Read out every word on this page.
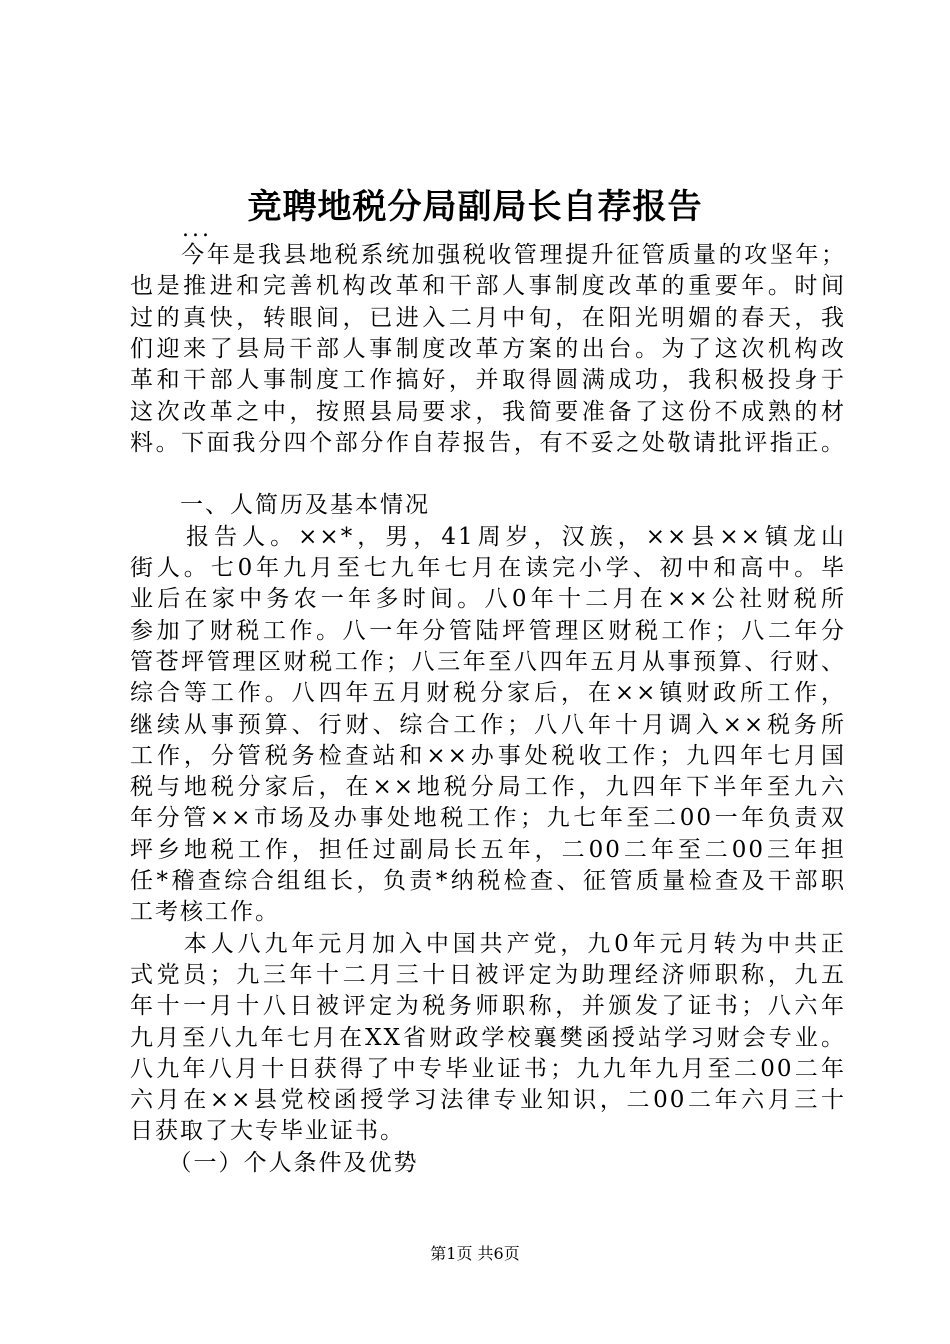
竞聘地税分局副局长自荐报告
...
　　今年是我县地税系统加强税收管理提升征管质量的攻坚年；
也是推进和完善机构改革和干部人事制度改革的重要年。时间
过的真快，转眼间，已进入二月中旬，在阳光明媚的春天，我
们迎来了县局干部人事制度改革方案的出台。为了这次机构改
革和干部人事制度工作搞好，并取得圆满成功，我积极投身于
这次改革之中，按照县局要求，我简要准备了这份不成熟的材
料。下面我分四个部分作自荐报告，有不妥之处敬请批评指正。
　　一、人简历及基本情况
　　报告人。××*，男，41周岁，汉族，××县××镇龙山
街人。七0年九月至七九年七月在读完小学、初中和高中。毕
业后在家中务农一年多时间。八0年十二月在××公社财税所
参加了财税工作。八一年分管陆坪管理区财税工作；八二年分
管苍坪管理区财税工作；八三年至八四年五月从事预算、行财、
综合等工作。八四年五月财税分家后，在××镇财政所工作，
继续从事预算、行财、综合工作；八八年十月调入××税务所
工作，分管税务检查站和××办事处税收工作；九四年七月国
税与地税分家后，在××地税分局工作，九四年下半年至九六
年分管××市场及办事处地税工作；九七年至二00一年负责双
坪乡地税工作，担任过副局长五年，二00二年至二00三年担
任*稽查综合组组长，负责*纳税检查、征管质量检查及干部职
工考核工作。
　　本人八九年元月加入中国共产党，九0年元月转为中共正
式党员；九三年十二月三十日被评定为助理经济师职称，九五
年十一月十八日被评定为税务师职称，并颁发了证书；八六年
九月至八九年七月在XX省财政学校襄樊函授站学习财会专业。
八九年八月十日获得了中专毕业证书；九九年九月至二00二年
六月在××县党校函授学习法律专业知识，二00二年六月三十
日获取了大专毕业证书。
　　（一）个人条件及优势
第1页 共6页
